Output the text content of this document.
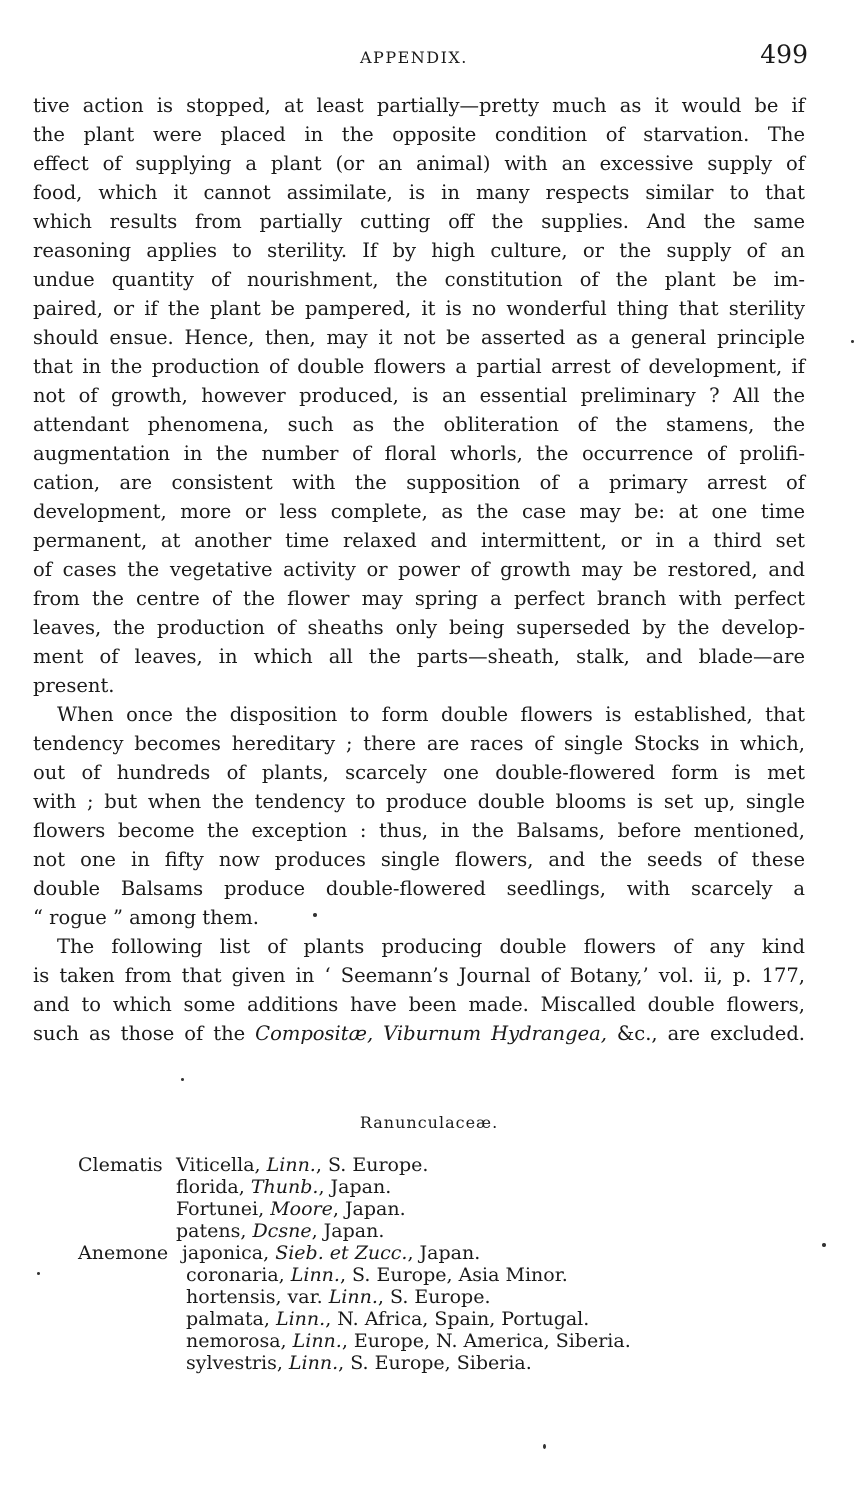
APPENDIX.	499
tive action is stopped, at least partially—pretty much as it would be if
the plant were placed in the opposite condition of starvation. The
effect of supplying a plant (or an animal) with an excessive supply of
food, which it cannot assimilate, is in many respects similar to that
which results from partially cutting off the supplies. And the same
reasoning applies to sterility. If by high culture, or the supply of an
undue quantity of nourishment, the constitution of the plant be im-
paired, or if the plant be pampered, it is no wonderful thing that sterility
should ensue. Hence, then, may it not be asserted as a general principle
that in the production of double flowers a partial arrest of development, if
not of growth, however produced, is an essential preliminary ? All the
attendant phenomena, such as the obliteration of the stamens, the
augmentation in the number of floral whorls, the occurrence of prolifi-
cation, are consistent with the supposition of a primary arrest of
development, more or less complete, as the case may be: at one time
permanent, at another time relaxed and intermittent, or in a third set
of cases the vegetative activity or power of growth may be restored, and
from the centre of the flower may spring a perfect branch with perfect
leaves, the production of sheaths only being superseded by the develop-
ment of leaves, in which all the parts—sheath, stalk, and blade—are
present.
When once the disposition to form double flowers is established, that
tendency becomes hereditary ; there are races of single Stocks in which,
out of hundreds of plants, scarcely one double-flowered form is met
with ; but when the tendency to produce double blooms is set up, single
flowers become the exception : thus, in the Balsams, before mentioned,
not one in fifty now produces single flowers, and the seeds of these
double Balsams produce double-flowered seedlings, with scarcely a
“ rogue ” among them.
The following list of plants producing double flowers of any kind
is taken from that given in ‘ Seemann’s Journal of Botany,’ vol. ii, p. 177,
and to which some additions have been made. Miscalled double flowers,
such as those of the Compositæ, Viburnum Hydrangea, &c., are excluded.
Ranunculaceæ.
Clematis Viticella, Linn., S. Europe.
florida, Thunb., Japan.
Fortunei, Moore, Japan.
patens, Dcsne, Japan.
Anemone japonica, Sieb. et Zucc., Japan.
coronaria, Linn., S. Europe, Asia Minor.
hortensis, var. Linn., S. Europe.
palmata, Linn., N. Africa, Spain, Portugal.
nemorosa, Linn., Europe, N. America, Siberia.
sylvestris, Linn., S. Europe, Siberia.
